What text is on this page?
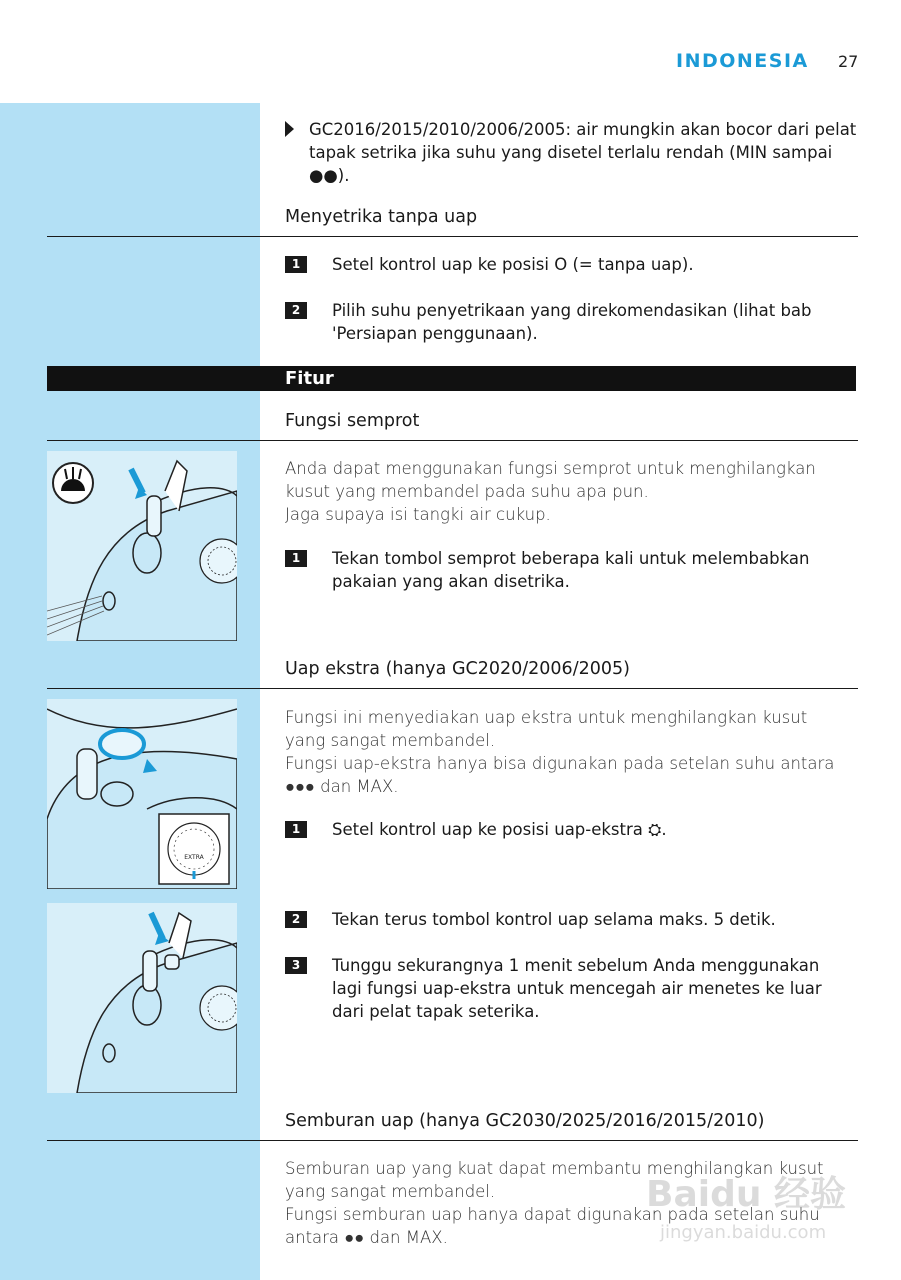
INDONESIA 27
GC2016/2015/2010/2006/2005: air mungkin akan bocor dari pelat tapak setrika jika suhu yang disetel terlalu rendah (MIN sampai ●●).
Menyetrika tanpa uap
1	Setel kontrol uap ke posisi O (= tanpa uap).
2	Pilih suhu penyetrikaan yang direkomendasikan (lihat bab 'Persiapan penggunaan).
Fitur
Fungsi semprot
Anda dapat menggunakan fungsi semprot untuk menghilangkan kusut yang membandel pada suhu apa pun.
Jaga supaya isi tangki air cukup.
1	Tekan tombol semprot beberapa kali untuk melembabkan pakaian yang akan disetrika.
Uap ekstra (hanya GC2020/2006/2005)
EXTRA
Fungsi ini menyediakan uap ekstra untuk menghilangkan kusut yang sangat membandel.
Fungsi uap-ekstra hanya bisa digunakan pada setelan suhu antara ●●● dan MAX.
1	Setel kontrol uap ke posisi uap-ekstra ⛭.
2	Tekan terus tombol kontrol uap selama maks. 5 detik.
3	Tunggu sekurangnya 1 menit sebelum Anda menggunakan lagi fungsi uap-ekstra untuk mencegah air menetes ke luar dari pelat tapak seterika.
Semburan uap (hanya GC2030/2025/2016/2015/2010)
Semburan uap yang kuat dapat membantu menghilangkan kusut yang sangat membandel.
Fungsi semburan uap hanya dapat digunakan pada setelan suhu antara ●● dan MAX.
Baidu 经验
jingyan.baidu.com
